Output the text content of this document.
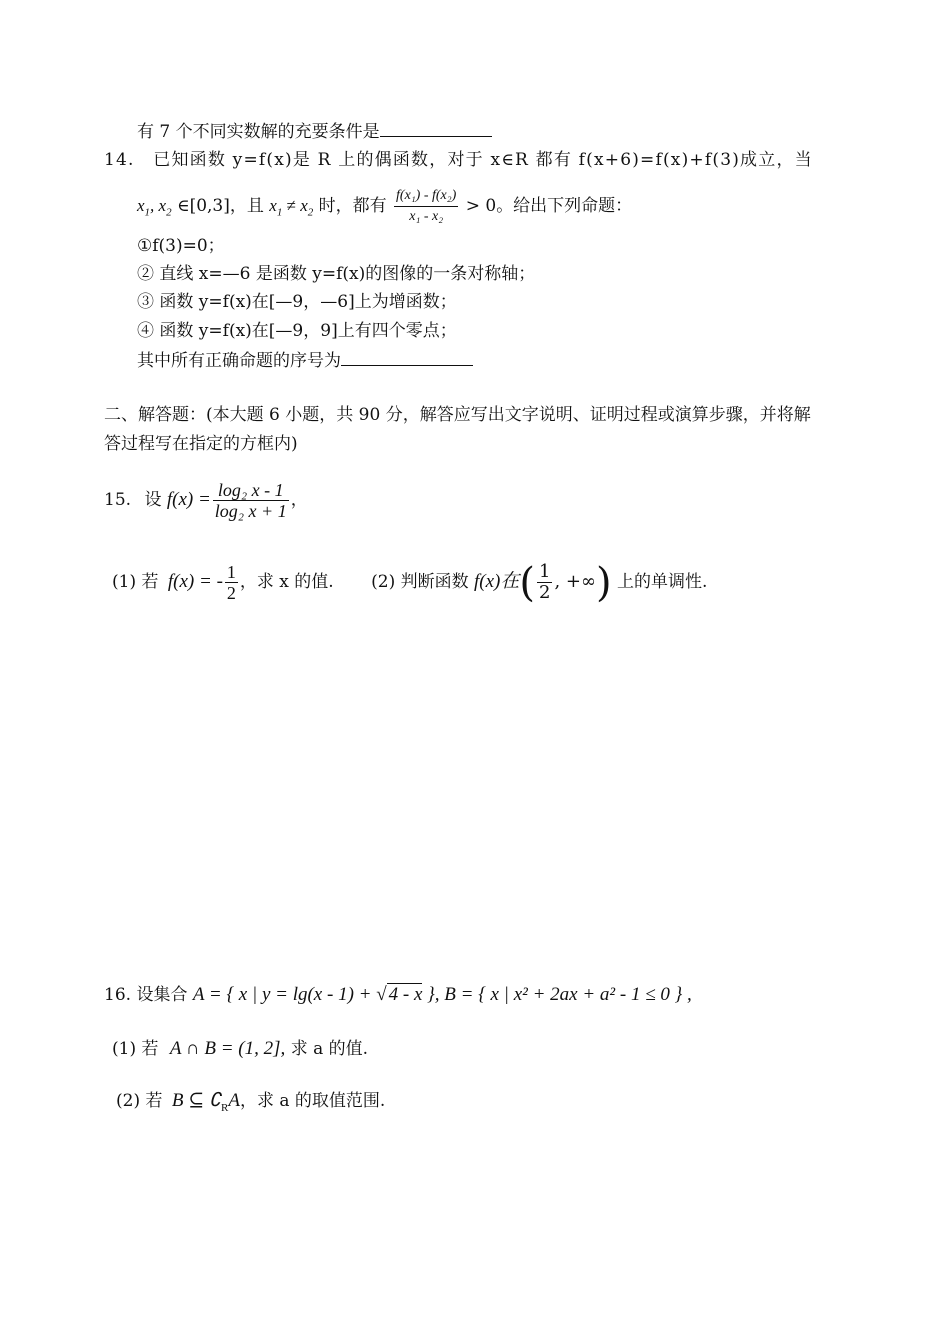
有 7 个不同实数解的充要条件是
14. 已知函数 y=f(x)是 R 上的偶函数，对于 x∈R 都有 f(x+6)=f(x)+f(3)成立，当
$x_1$, $x_2$ ∈[0,3]，且 $x_1 \ne x_2$ 时，都有 $\frac{\text{f(x₁) - f(x₂)}}{\text{x₁ - x₂}} > 0$。给出下列命题：
①f(3)=0；
② 直线 x=—6 是函数 y=f(x)的图像的一条对称轴；
③ 函数 y=f(x)在[—9，—6]上为增函数；
④ 函数 y=f(x)在[—9，9]上有四个零点；
其中所有正确命题的序号为
二、解答题：(本大题 6 小题，共 90 分，解答应写出文字说明、证明过程或演算步骤，并将解
答过程写在指定的方框内)
15. 设 $f(x) = \frac{\text{log₂ x - 1}}{\text{log₂ x + 1}}$ ，
(1) 若 f(x) = - $\frac{1}{2}$ ，求 x 的值. (2) 判断函数 f(x)在( $\frac{1}{2}$ , +∞) 上的单调性.
16. 设集合 A = { x | y = lg(x - 1) + √ 4 - x }, B = { x | x² + 2ax + a² - 1 ≤ 0 } ,
(1) 若 A ∩ B = (1, 2], 求 a 的值.
(2) 若 B ⊆ $∁_RA$，求 a 的取值范围.
